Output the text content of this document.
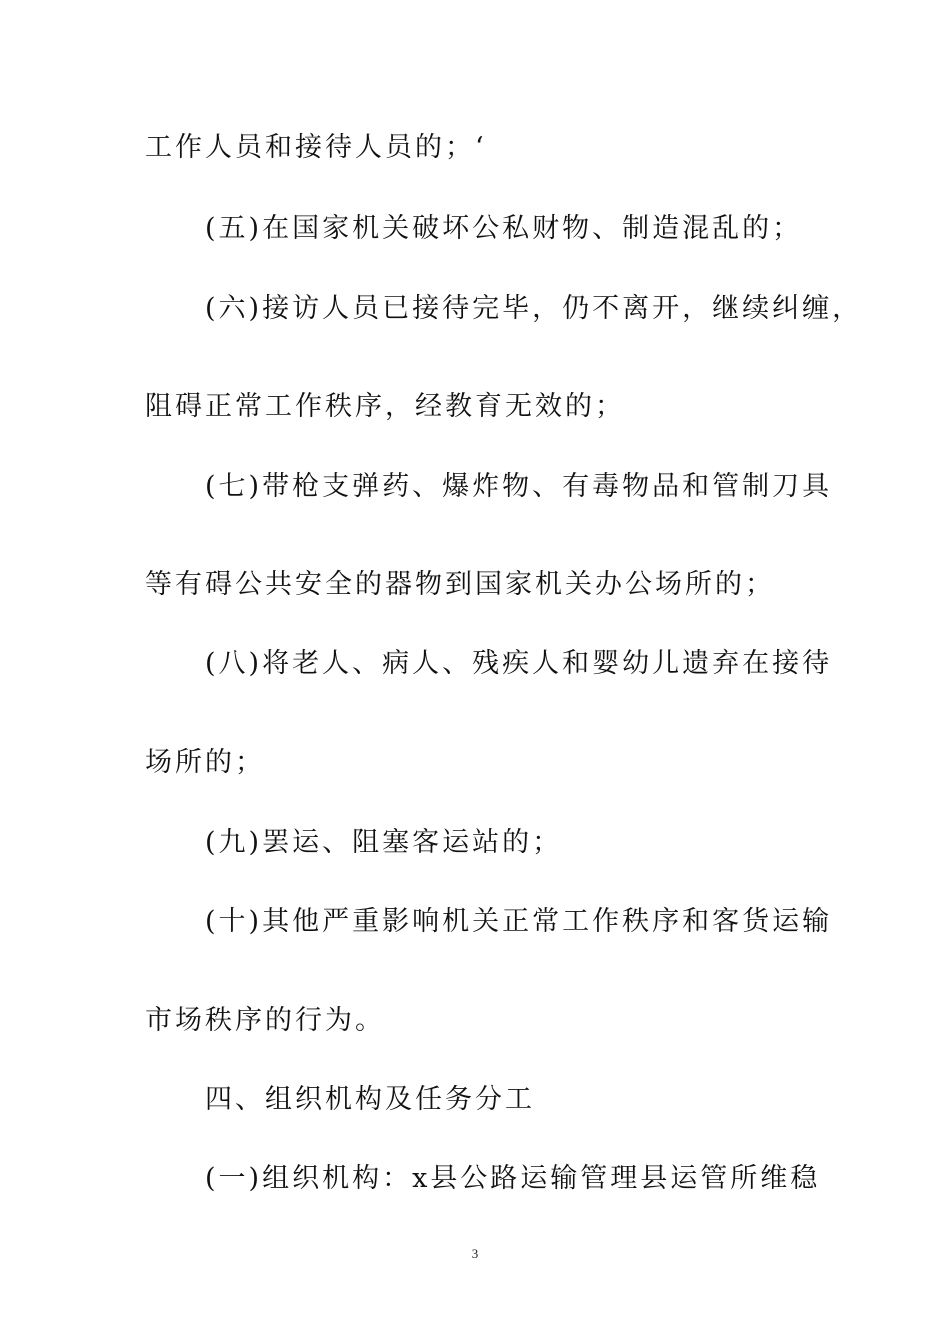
工作人员和接待人员的；‘
(五)在国家机关破坏公私财物、制造混乱的；
(六)接访人员已接待完毕，仍不离开，继续纠缠，
阻碍正常工作秩序，经教育无效的；
(七)带枪支弹药、爆炸物、有毒物品和管制刀具
等有碍公共安全的器物到国家机关办公场所的；
(八)将老人、病人、残疾人和婴幼儿遗弃在接待
场所的；
(九)罢运、阻塞客运站的；
(十)其他严重影响机关正常工作秩序和客货运输
市场秩序的行为。
四、组织机构及任务分工
(一)组织机构：x县公路运输管理县运管所维稳
3
